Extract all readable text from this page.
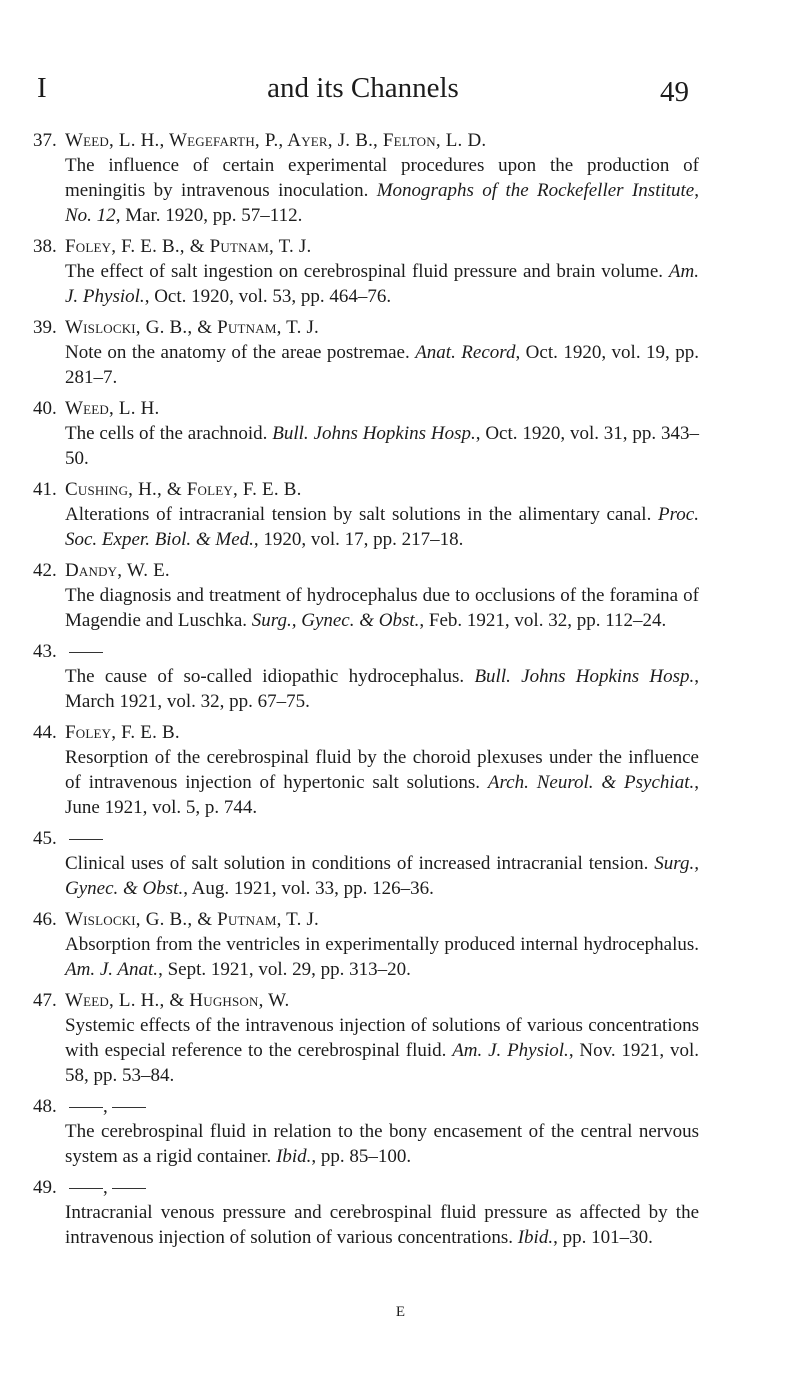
I	and its Channels	49
37. Weed, L. H., Wegefarth, P., Ayer, J. B., Felton, L. D.
The influence of certain experimental procedures upon the production of meningitis by intravenous inoculation. Monographs of the Rockefeller Institute, No. 12, Mar. 1920, pp. 57–112.
38. Foley, F. E. B., & Putnam, T. J.
The effect of salt ingestion on cerebrospinal fluid pressure and brain volume. Am. J. Physiol., Oct. 1920, vol. 53, pp. 464–76.
39. Wislocki, G. B., & Putnam, T. J.
Note on the anatomy of the areae postremae. Anat. Record, Oct. 1920, vol. 19, pp. 281–7.
40. Weed, L. H.
The cells of the arachnoid. Bull. Johns Hopkins Hosp., Oct. 1920, vol. 31, pp. 343–50.
41. Cushing, H., & Foley, F. E. B.
Alterations of intracranial tension by salt solutions in the alimentary canal. Proc. Soc. Exper. Biol. & Med., 1920, vol. 17, pp. 217–18.
42. Dandy, W. E.
The diagnosis and treatment of hydrocephalus due to occlusions of the foramina of Magendie and Luschka. Surg., Gynec. & Obst., Feb. 1921, vol. 32, pp. 112–24.
43.
The cause of so-called idiopathic hydrocephalus. Bull. Johns Hopkins Hosp., March 1921, vol. 32, pp. 67–75.
44. Foley, F. E. B.
Resorption of the cerebrospinal fluid by the choroid plexuses under the influence of intravenous injection of hypertonic salt solutions. Arch. Neurol. & Psychiat., June 1921, vol. 5, p. 744.
45.
Clinical uses of salt solution in conditions of increased intracranial tension. Surg., Gynec. & Obst., Aug. 1921, vol. 33, pp. 126–36.
46. Wislocki, G. B., & Putnam, T. J.
Absorption from the ventricles in experimentally produced internal hydrocephalus. Am. J. Anat., Sept. 1921, vol. 29, pp. 313–20.
47. Weed, L. H., & Hughson, W.
Systemic effects of the intravenous injection of solutions of various concentrations with especial reference to the cerebrospinal fluid. Am. J. Physiol., Nov. 1921, vol. 58, pp. 53–84.
48.	,
The cerebrospinal fluid in relation to the bony encasement of the central nervous system as a rigid container. Ibid., pp. 85–100.
49.	,
Intracranial venous pressure and cerebrospinal fluid pressure as affected by the intravenous injection of solution of various concentrations. Ibid., pp. 101–30.
E
